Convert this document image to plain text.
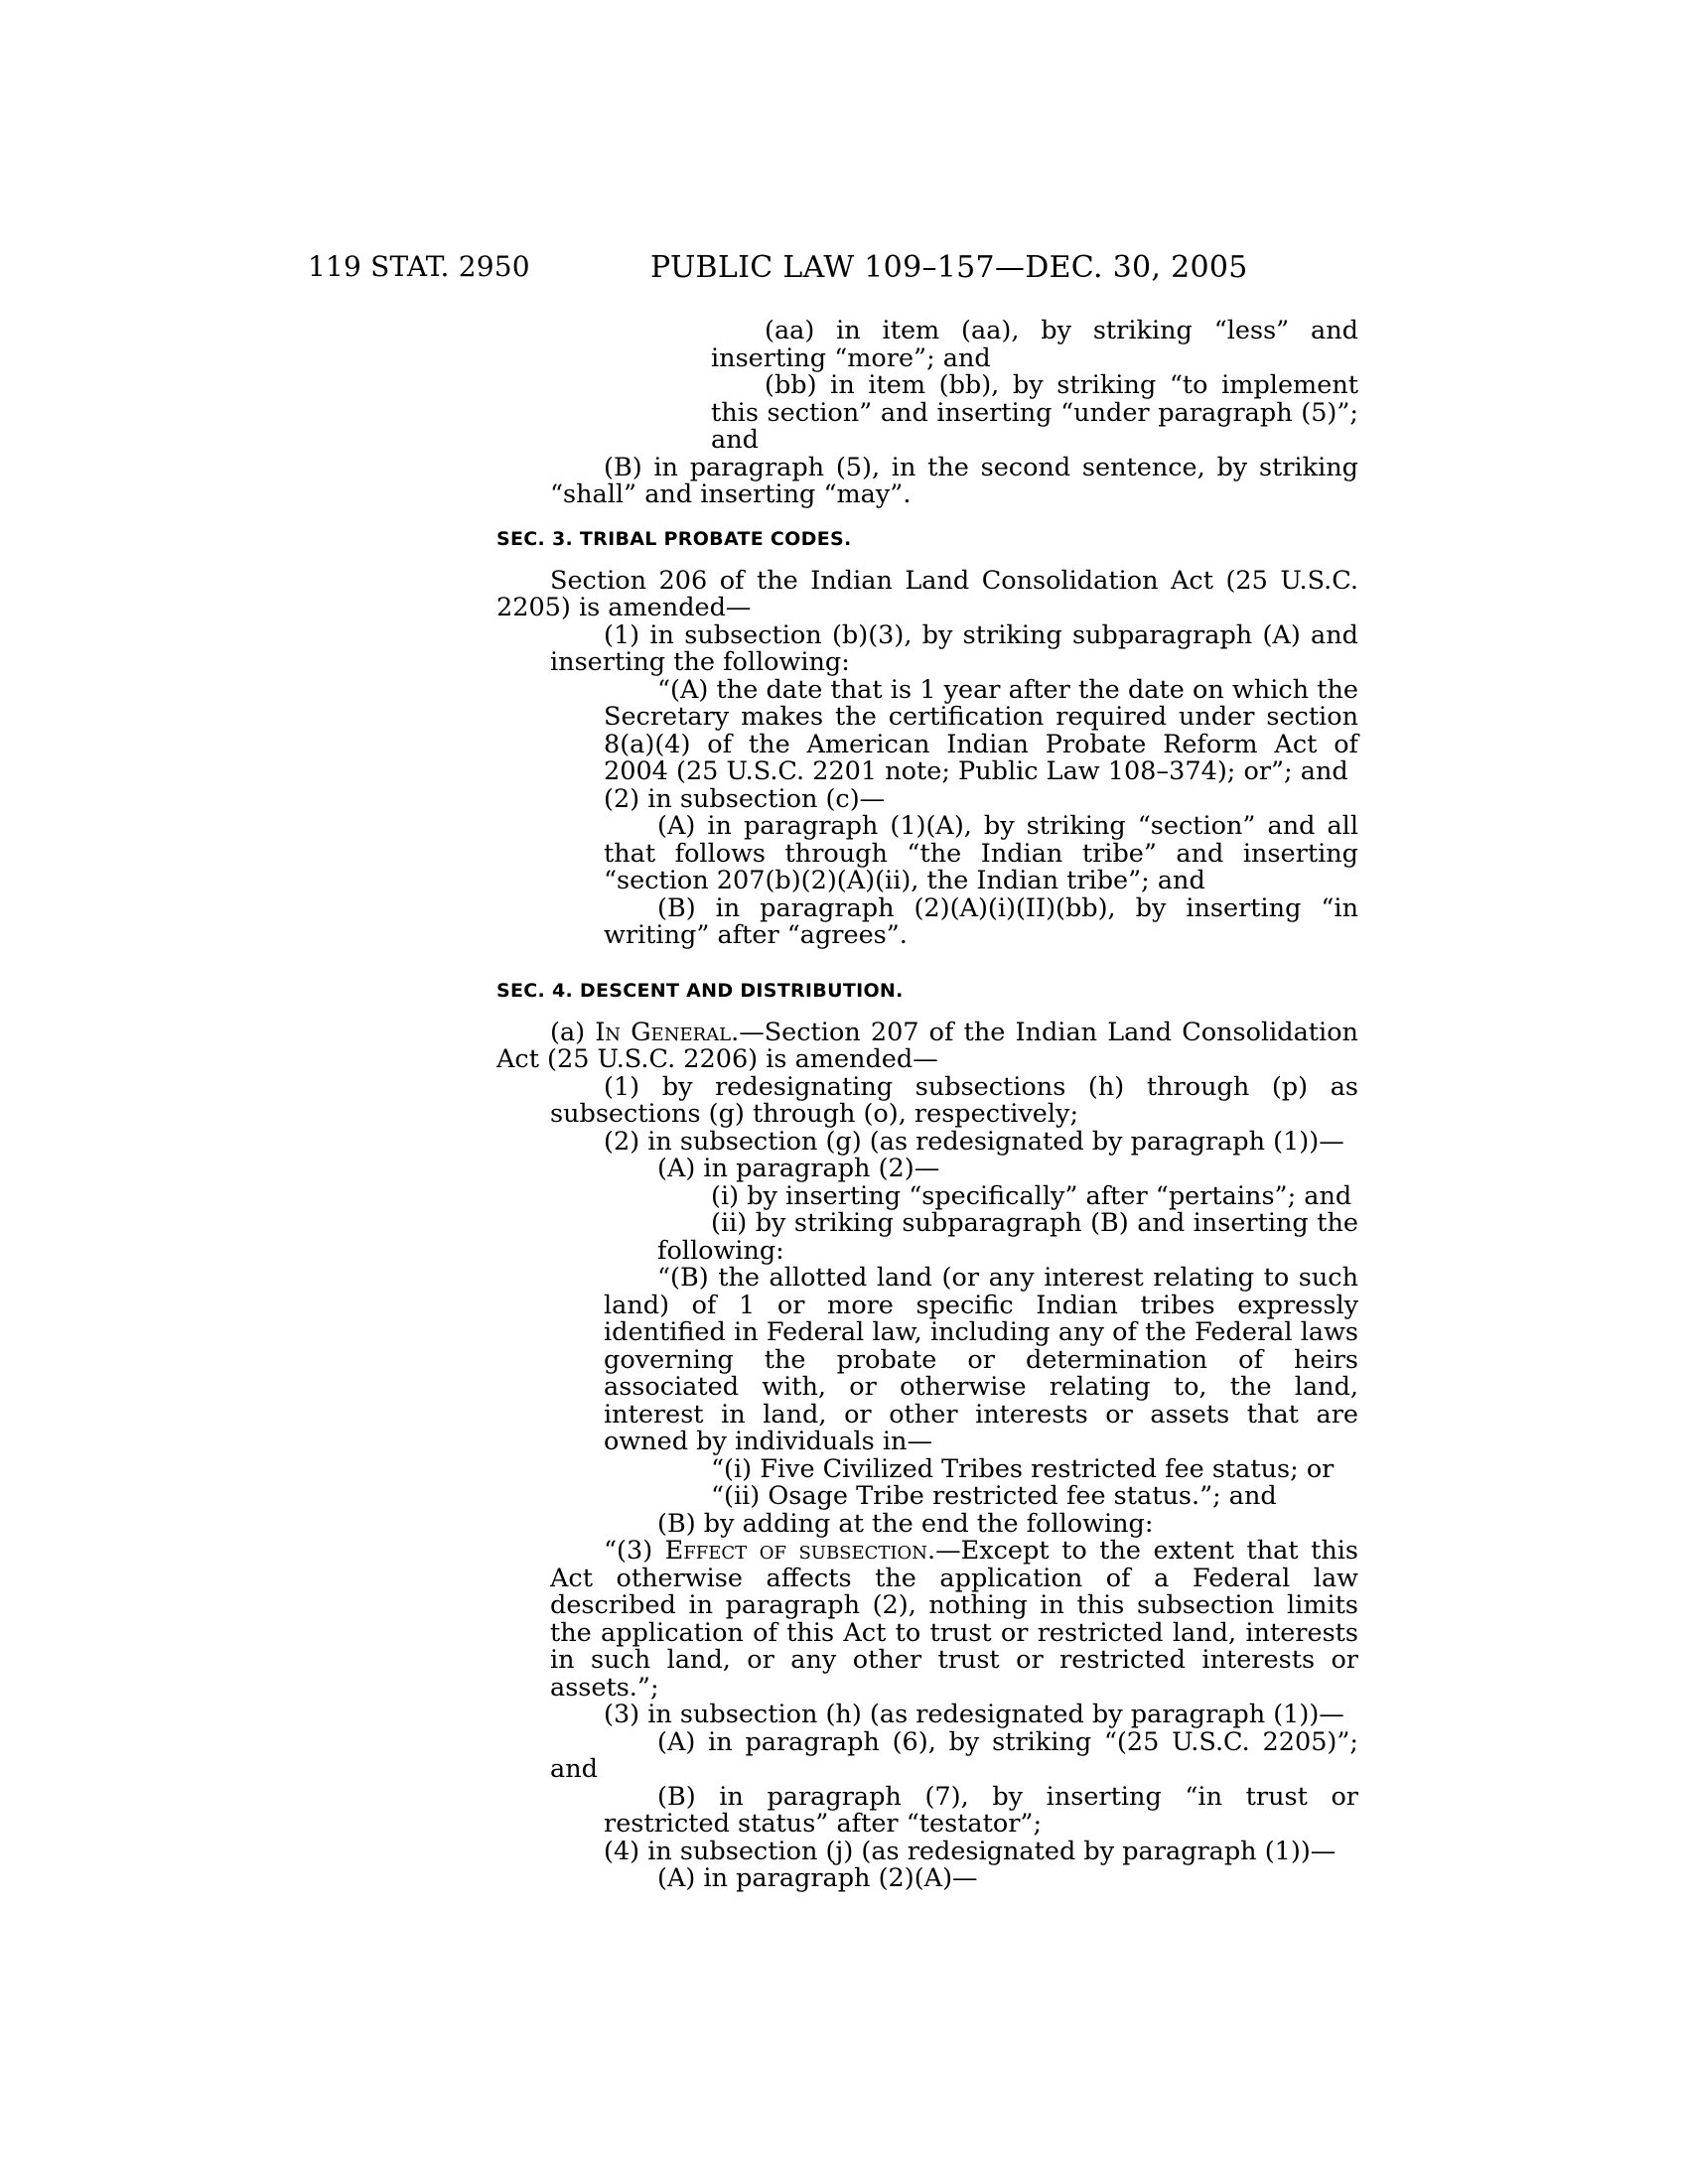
119 STAT. 2950	PUBLIC LAW 109–157—DEC. 30, 2005

(aa) in item (aa), by striking “less” and inserting “more”; and

(bb) in item (bb), by striking “to implement this section” and inserting “under paragraph (5)”; and

(B) in paragraph (5), in the second sentence, by striking “shall” and inserting “may”.

SEC. 3. TRIBAL PROBATE CODES.

Section 206 of the Indian Land Consolidation Act (25 U.S.C. 2205) is amended—

(1) in subsection (b)(3), by striking subparagraph (A) and inserting the following:

“(A) the date that is 1 year after the date on which the Secretary makes the certification required under section 8(a)(4) of the American Indian Probate Reform Act of 2004 (25 U.S.C. 2201 note; Public Law 108–374); or”; and

(2) in subsection (c)—

(A) in paragraph (1)(A), by striking “section” and all that follows through “the Indian tribe” and inserting “section 207(b)(2)(A)(ii), the Indian tribe”; and

(B) in paragraph (2)(A)(i)(II)(bb), by inserting “in writing” after “agrees”.

SEC. 4. DESCENT AND DISTRIBUTION.

(a) In General.—Section 207 of the Indian Land Consolidation Act (25 U.S.C. 2206) is amended—

(1) by redesignating subsections (h) through (p) as subsections (g) through (o), respectively;

(2) in subsection (g) (as redesignated by paragraph (1))—

(A) in paragraph (2)—

(i) by inserting “specifically” after “pertains”; and

(ii) by striking subparagraph (B) and inserting the following:

“(B) the allotted land (or any interest relating to such land) of 1 or more specific Indian tribes expressly identified in Federal law, including any of the Federal laws governing the probate or determination of heirs associated with, or otherwise relating to, the land, interest in land, or other interests or assets that are owned by individuals in—

“(i) Five Civilized Tribes restricted fee status; or

“(ii) Osage Tribe restricted fee status.”; and

(B) by adding at the end the following:

“(3) Effect of subsection.—Except to the extent that this Act otherwise affects the application of a Federal law described in paragraph (2), nothing in this subsection limits the application of this Act to trust or restricted land, interests in such land, or any other trust or restricted interests or assets.”;

(3) in subsection (h) (as redesignated by paragraph (1))—

(A) in paragraph (6), by striking “(25 U.S.C. 2205)”; and

(B) in paragraph (7), by inserting “in trust or restricted status” after “testator”;

(4) in subsection (j) (as redesignated by paragraph (1))—

(A) in paragraph (2)(A)—
